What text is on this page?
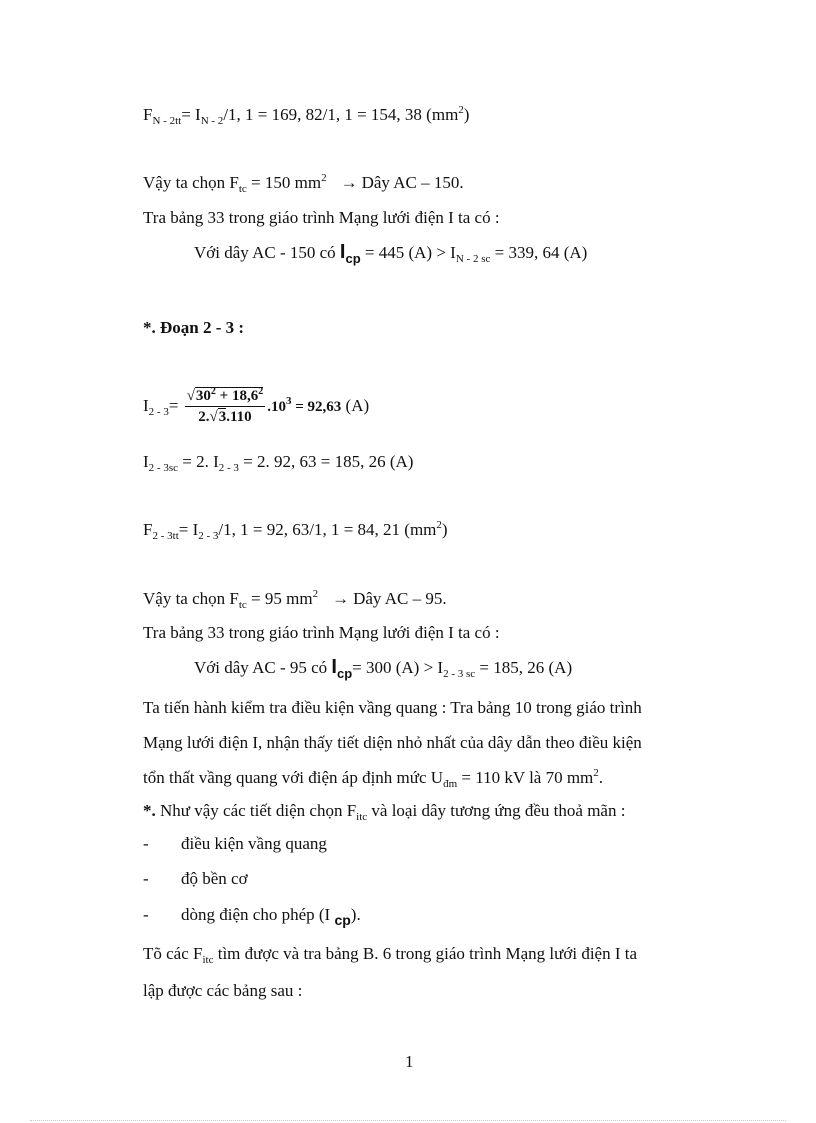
$F_{N - 2tt}= I_{N - 2}/1$, 1 = 169, 82/1, 1 = 154, 38 $(mm^2)$
Vậy ta chọn $F_{tc} = 150$ $mm^2$ → Dây AC – 150.
Tra bảng 33 trong giáo trình Mạng lưới điện I ta có :
Với dây AC - 150 có $I_{cp} = 445$ $(A) > I_{N - 2 sc} = 339$, 64 (A)
*. Đoạn 2 - 3 :
$I_{2 - 3}= \frac{√30^2 + 18,6^2}{2.√3.110} .10^3 = 92,63$ (A)
$I_{2 - 3sc} = 2$. $I_{2 - 3} = 2$. 92, 63 = 185, 26 (A)
$F_{2 - 3tt}= I_{2 - 3}/1$, 1 = 92, 63/1, 1 = 84, 21 $(mm^2)$
Vậy ta chọn $F_{tc} = 95$ $mm^2$ → Dây AC – 95.
Tra bảng 33 trong giáo trình Mạng lưới điện I ta có :
Với dây AC - 95 có $I_{cp}= 300$ $(A) > I_{2 - 3 sc} = 185$, 26 (A)
Ta tiến hành kiểm tra điều kiện vầng quang : Tra bảng 10 trong giáo trình
Mạng lưới điện I, nhận thấy tiết diện nhỏ nhất của dây dẫn theo điều kiện
tổn thất vầng quang với điện áp định mức $U_{đm} = 110$ kV là 70 $mm^2$.
*. Như vậy các tiết diện chọn $F_{itc}$ và loại dây tương ứng đều thoả mãn :
- điều kiện vầng quang
- độ bền cơ
- dòng điện cho phép (I $_{cp}$).
Tõ các $F_{itc}$ tìm được và tra bảng B. 6 trong giáo trình Mạng lưới điện I ta
lập được các bảng sau :
1
